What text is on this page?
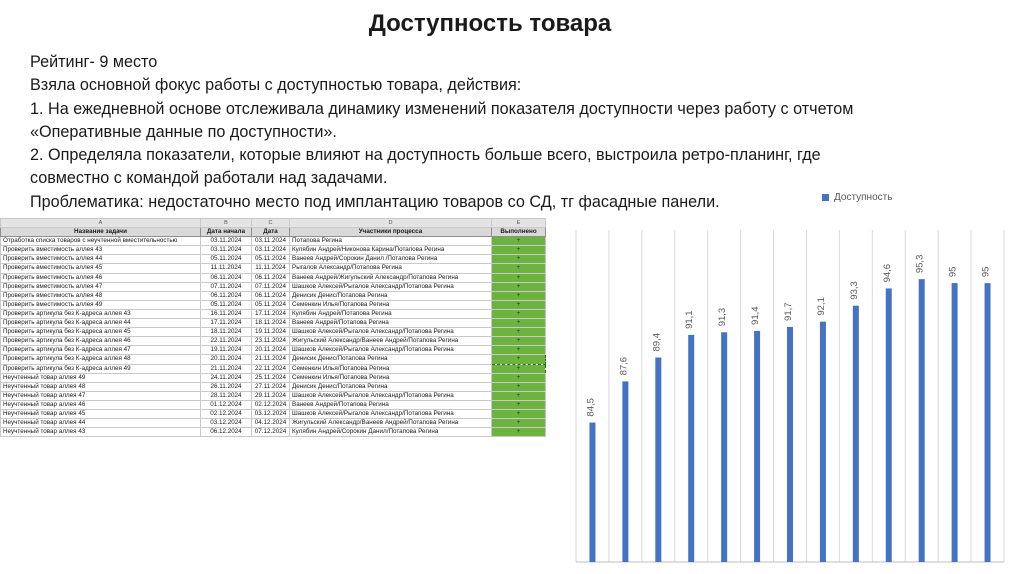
Доступность товара
Рейтинг- 9 место
Взяла основной фокус работы с доступностью товара, действия:
1. На ежедневной основе отслеживала динамику изменений показателя доступности через работу с отчетом
«Оперативные данные по доступности».
2. Определяла показатели, которые влияют на доступность больше всего, выстроила ретро-планинг, где
совместно с командой работали над задачами.
Проблематика: недостаточно место под имплантацию товаров со СД, тг фасадные панели.
A	B	C	D	E
Название задачи	Дата начала	Дата	Участники процесса	Выполнено
Отработка списка товаров с неучтенной вместительностью	03.11.2024	03.11.2024	Потапова Регина	+
Проверить вместимость аллея 43	03.11.2024	03.11.2024	Кулябин Андрей/Никонова Карина/Потапова Регина	+
Проверить вместимость аллея 44	05.11.2024	05.11.2024	Ванеев Андрей/Сорокин Данил /Потапова Регина	+
Проверить вместимость аллея 45	11.11.2024	11.11.2024	Рыгалов Александр/Потапова Регина	+
Проверить вместимость аллея 46	06.11.2024	06.11.2024	Ванеев Андрей/Жигульский Александр/Потапова Регина	+
Проверить вместимость аллея 47	07.11.2024	07.11.2024	Шашков Алексей/Рыгалов Александр/Потапова Регина	+
Проверить вместимость аллея 48	06.11.2024	06.11.2024	Денисик Денис/Потапова Регина	+
Проверить вместимость аллея 49	05.11.2024	05.11.2024	Семенкин Илья/Потапова Регина	+
Проверить артикула без К-адреса аллея 43	16.11.2024	17.11.2024	Кулябин Андрей/Потапова Регина	+
Проверить артикула без К-адреса аллея 44	17.11.2024	18.11.2024	Ванеев Андрей/Потапова Регина	+
Проверить артикула без К-адреса аллея 45	18.11.2024	19.11.2024	Шашков Алексей/Рыгалов Александр/Потапова Регина	+
Проверить артикула без К-адреса аллея 46	22.11.2024	23.11.2024	Жигульский Александр/Ванеев Андрей/Потапова Регина	+
Проверить артикула без К-адреса аллея 47	19.11.2024	20.11.2024	Шашков Алексей/Рыгалов Александр/Потапова Регина	+
Проверить артикула без К-адреса аллея 48	20.11.2024	21.11.2024	Денисик Денис/Потапова Регина	+
Проверить артикула без К-адреса аллея 49	21.11.2024	22.11.2024	Семенкин Илья/Потапова Регина	+
Неучтенный товар аллея 49	24.11.2024	25.11.2024	Семенкин Илья/Потапова Регина	+
Неучтенный товар аллея 48	26.11.2024	27.11.2024	Денисик Денис/Потапова Регина	+
Неучтенный товар аллея 47	28.11.2024	29.11.2024	Шашков Алексей/Рыгалов Александр/Потапова Регина	+
Неучтенный товар аллея 46	01.12.2024	02.12.2024	Ванеев Андрей/Потапова Регина	+
Неучтенный товар аллея 45	02.12.2024	03.12.2024	Шашков Алексей/Рыгалов Александр/Потапова Регина	+
Неучтенный товар аллея 44	03.12.2024	04.12.2024	Жигульский Александр/Ванеев Андрей/Потапова Регина	+
Неучтенный товар аллея 43	06.12.2024	07.12.2024	Кулябин Андрей/Сорокин Данил/Потапова Регина	+
Доступность
84,5
87,6
89,4
91,1 91,3 91,4 91,7 92,1
93,3
94,6
95,3 95 95
